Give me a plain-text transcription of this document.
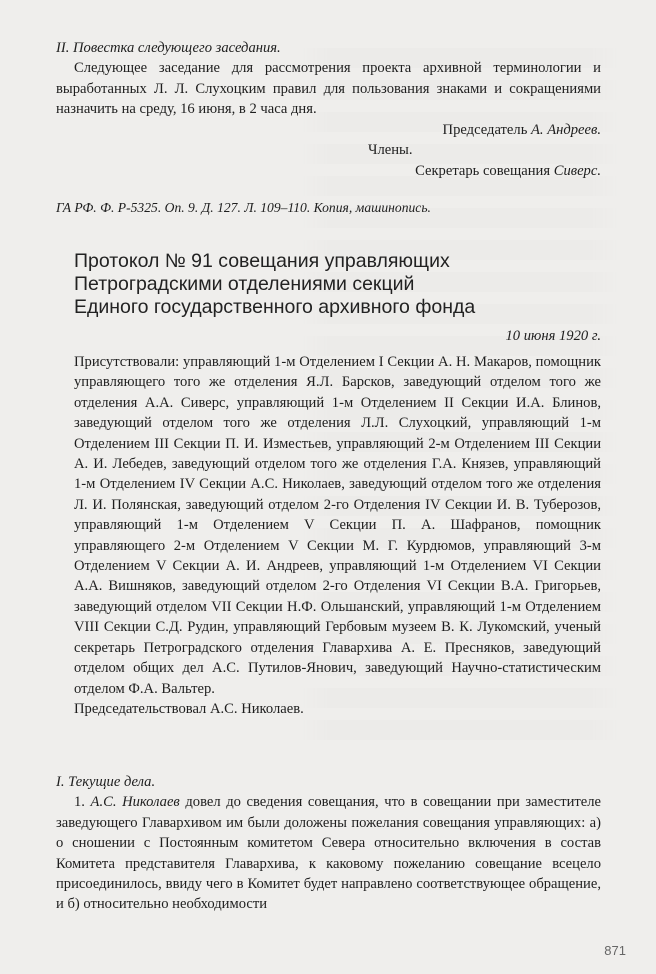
II. Повестка следующего заседания.

Следующее заседание для рассмотрения проекта архивной терминологии и выработанных Л. Л. Слухоцким правил для пользования знаками и сокращениями назначить на среду, 16 июня, в 2 часа дня.

Председатель А. Андреев.

Члены.

Секретарь совещания Сиверс.

ГА РФ. Ф. Р-5325. Оп. 9. Д. 127. Л. 109–110. Копия, машинопись.
Протокол № 91 совещания управляющих
Петроградскими отделениями секций
Единого государственного архивного фонда
10 июня 1920 г.

Присутствовали: управляющий 1-м Отделением I Секции А. Н. Макаров, помощник управляющего того же отделения Я.Л. Барсков, заведующий отделом того же отделения А.А. Сиверс, управляющий 1-м Отделением II Секции И.А. Блинов, заведующий отделом того же отделения Л.Л. Слухоцкий, управляющий 1-м Отделением III Секции П. И. Изместьев, управляющий 2-м Отделением III Секции А. И. Лебедев, заведующий отделом того же отделения Г.А. Князев, управляющий 1-м Отделением IV Секции А.С. Николаев, заведующий отделом того же отделения Л. И. Полянская, заведующий отделом 2-го Отделения IV Секции И. В. Туберозов, управляющий 1-м Отделением V Секции П. А. Шафранов, помощник управляющего 2-м Отделением V Секции М. Г. Курдюмов, управляющий 3-м Отделением V Секции А. И. Андреев, управляющий 1-м Отделением VI Секции А.А. Вишняков, заведующий отделом 2-го Отделения VI Секции В.А. Григорьев, заведующий отделом VII Секции Н.Ф. Ольшанский, управляющий 1-м Отделением VIII Секции С.Д. Рудин, управляющий Гербовым музеем В. К. Лукомский, ученый секретарь Петроградского отделения Главархива А. Е. Пресняков, заведующий отделом общих дел А.С. Путилов-Янович, заведующий Научно-статистическим отделом Ф.А. Вальтер.

Председательствовал А.С. Николаев.

I. Текущие дела.

1. А.С. Николаев довел до сведения совещания, что в совещании при заместителе заведующего Главархивом им были доложены пожелания совещания управляющих: а) о сношении с Постоянным комитетом Севера относительно включения в состав Комитета представителя Главархива, к каковому пожеланию совещание всецело присоединилось, ввиду чего в Комитет будет направлено соответствующее обращение, и б) относительно необходимости

871
